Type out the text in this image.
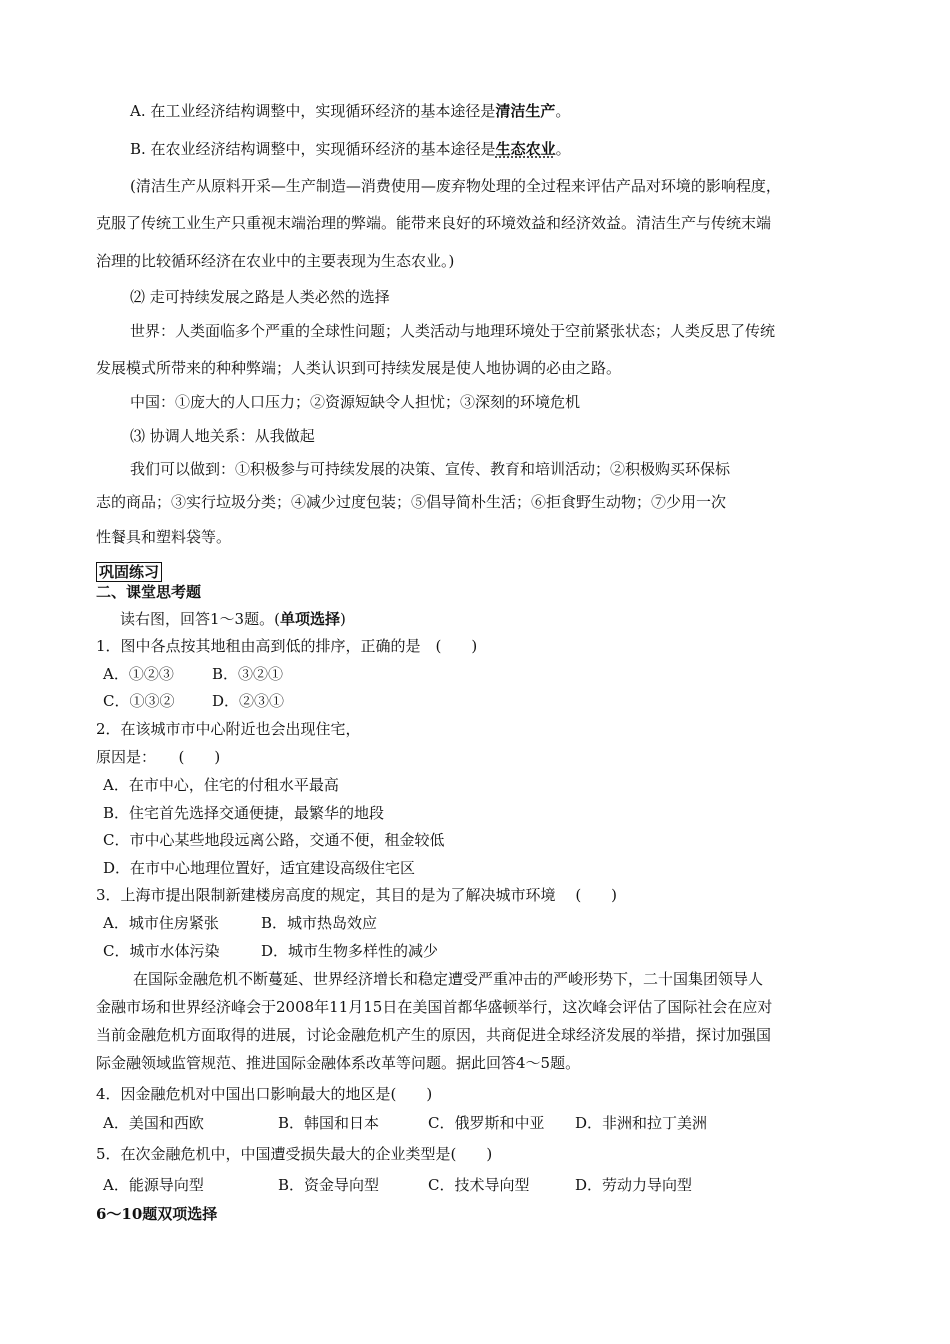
A. 在工业经济结构调整中，实现循环经济的基本途径是清洁生产。
B. 在农业经济结构调整中，实现循环经济的基本途径是生态农业。
(清洁生产从原料开采—生产制造—消费使用—废弃物处理的全过程来评估产品对环境的影响程度，
克服了传统工业生产只重视末端治理的弊端。能带来良好的环境效益和经济效益。清洁生产与传统末端
治理的比较循环经济在农业中的主要表现为生态农业。)
⑵ 走可持续发展之路是人类必然的选择
世界：人类面临多个严重的全球性问题；人类活动与地理环境处于空前紧张状态；人类反思了传统
发展模式所带来的种种弊端；人类认识到可持续发展是使人地协调的必由之路。
中国：①庞大的人口压力；②资源短缺令人担忧；③深刻的环境危机
⑶ 协调人地关系：从我做起
我们可以做到：①积极参与可持续发展的决策、宣传、教育和培训活动；②积极购买环保标
志的商品；③实行垃圾分类；④减少过度包装；⑤倡导简朴生活；⑥拒食野生动物；⑦少用一次
性餐具和塑料袋等。
巩固练习
二、课堂思考题
读右图，回答1～3题。(单项选择)
1．图中各点按其地租由高到低的排序，正确的是　(　　)
A．①②③	B．③②①
C．①③②	D．②③①
2．在该城市市中心附近也会出现住宅，
原因是：　　(　　)
A．在市中心，住宅的付租水平最高
B．住宅首先选择交通便捷，最繁华的地段
C．市中心某些地段远离公路，交通不便，租金较低
D．在市中心地理位置好，适宜建设高级住宅区
3．上海市提出限制新建楼房高度的规定，其目的是为了解决城市环境　 (　　)
A．城市住房紧张	B．城市热岛效应
C．城市水体污染	D．城市生物多样性的减少
在国际金融危机不断蔓延、世界经济增长和稳定遭受严重冲击的严峻形势下，二十国集团领导人
金融市场和世界经济峰会于2008年11月15日在美国首都华盛顿举行，这次峰会评估了国际社会在应对
当前金融危机方面取得的进展，讨论金融危机产生的原因，共商促进全球经济发展的举措，探讨加强国
际金融领域监管规范、推进国际金融体系改革等问题。据此回答4～5题。
4．因金融危机对中国出口影响最大的地区是(　　)
A．美国和西欧	B．韩国和日本	C．俄罗斯和中亚 D．非洲和拉丁美洲
5．在次金融危机中，中国遭受损失最大的企业类型是(　　)
A．能源导向型	B．资金导向型	C．技术导向型	D．劳动力导向型
6～10题双项选择
